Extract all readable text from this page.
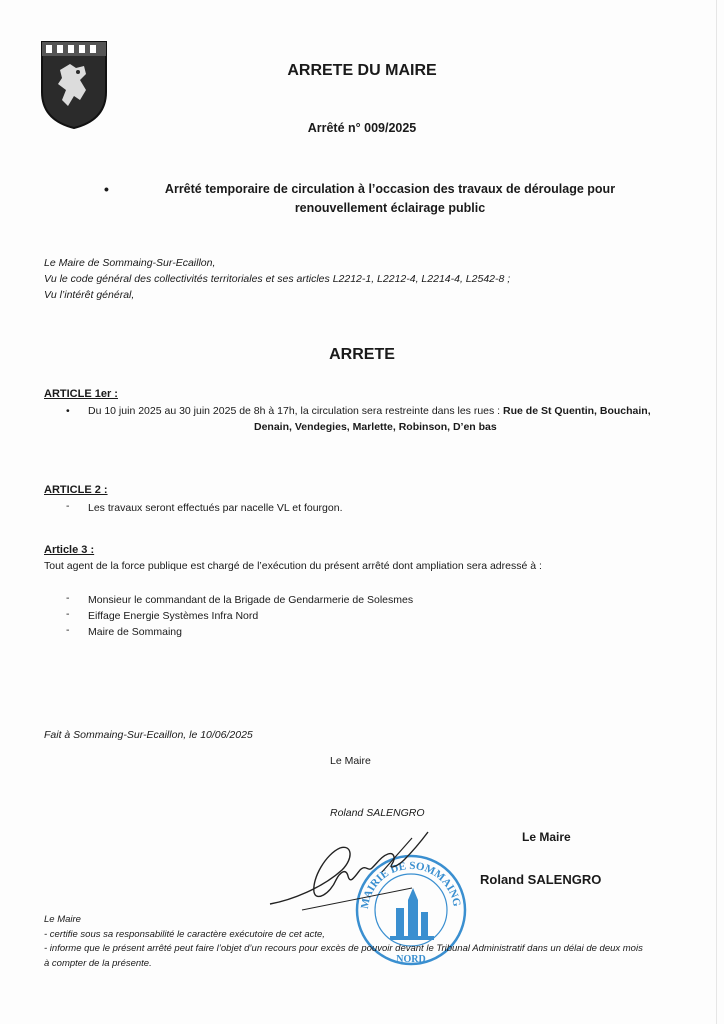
ARRETE DU MAIRE
Arrêté n° 009/2025
•	Arrêté temporaire de circulation à l’occasion des travaux de déroulage pour renouvellement éclairage public
Le Maire de Sommaing-Sur-Ecaillon,
Vu le code général des collectivités territoriales et ses articles L2212-1, L2212-4, L2214-4, L2542-8 ;
Vu l’intérêt général,
ARRETE
ARTICLE 1er :
• Du 10 juin 2025 au 30 juin 2025 de 8h à 17h, la circulation sera restreinte dans les rues : Rue de St Quentin, Bouchain,
Denain, Vendegies, Marlette, Robinson, D’en bas
ARTICLE 2 :
- Les travaux seront effectués par nacelle VL et fourgon.
Article 3 :
Tout agent de la force publique est chargé de l’exécution du présent arrêté dont ampliation sera adressé à :
- Monsieur le commandant de la Brigade de Gendarmerie de Solesmes
- Eiffage Energie Systèmes Infra Nord
- Maire de Sommaing
Fait à Sommaing-Sur-Ecaillon, le 10/06/2025
Le Maire
Roland SALENGRO
Le Maire
Roland SALENGRO
MAIRIE DE SOMMAING
NORD
Le Maire
- certifie sous sa responsabilité le caractère exécutoire de cet acte,
- informe que le présent arrêté peut faire l’objet d’un recours pour excès de pouvoir devant le Tribunal Administratif dans un délai de deux mois
à compter de la présente.
